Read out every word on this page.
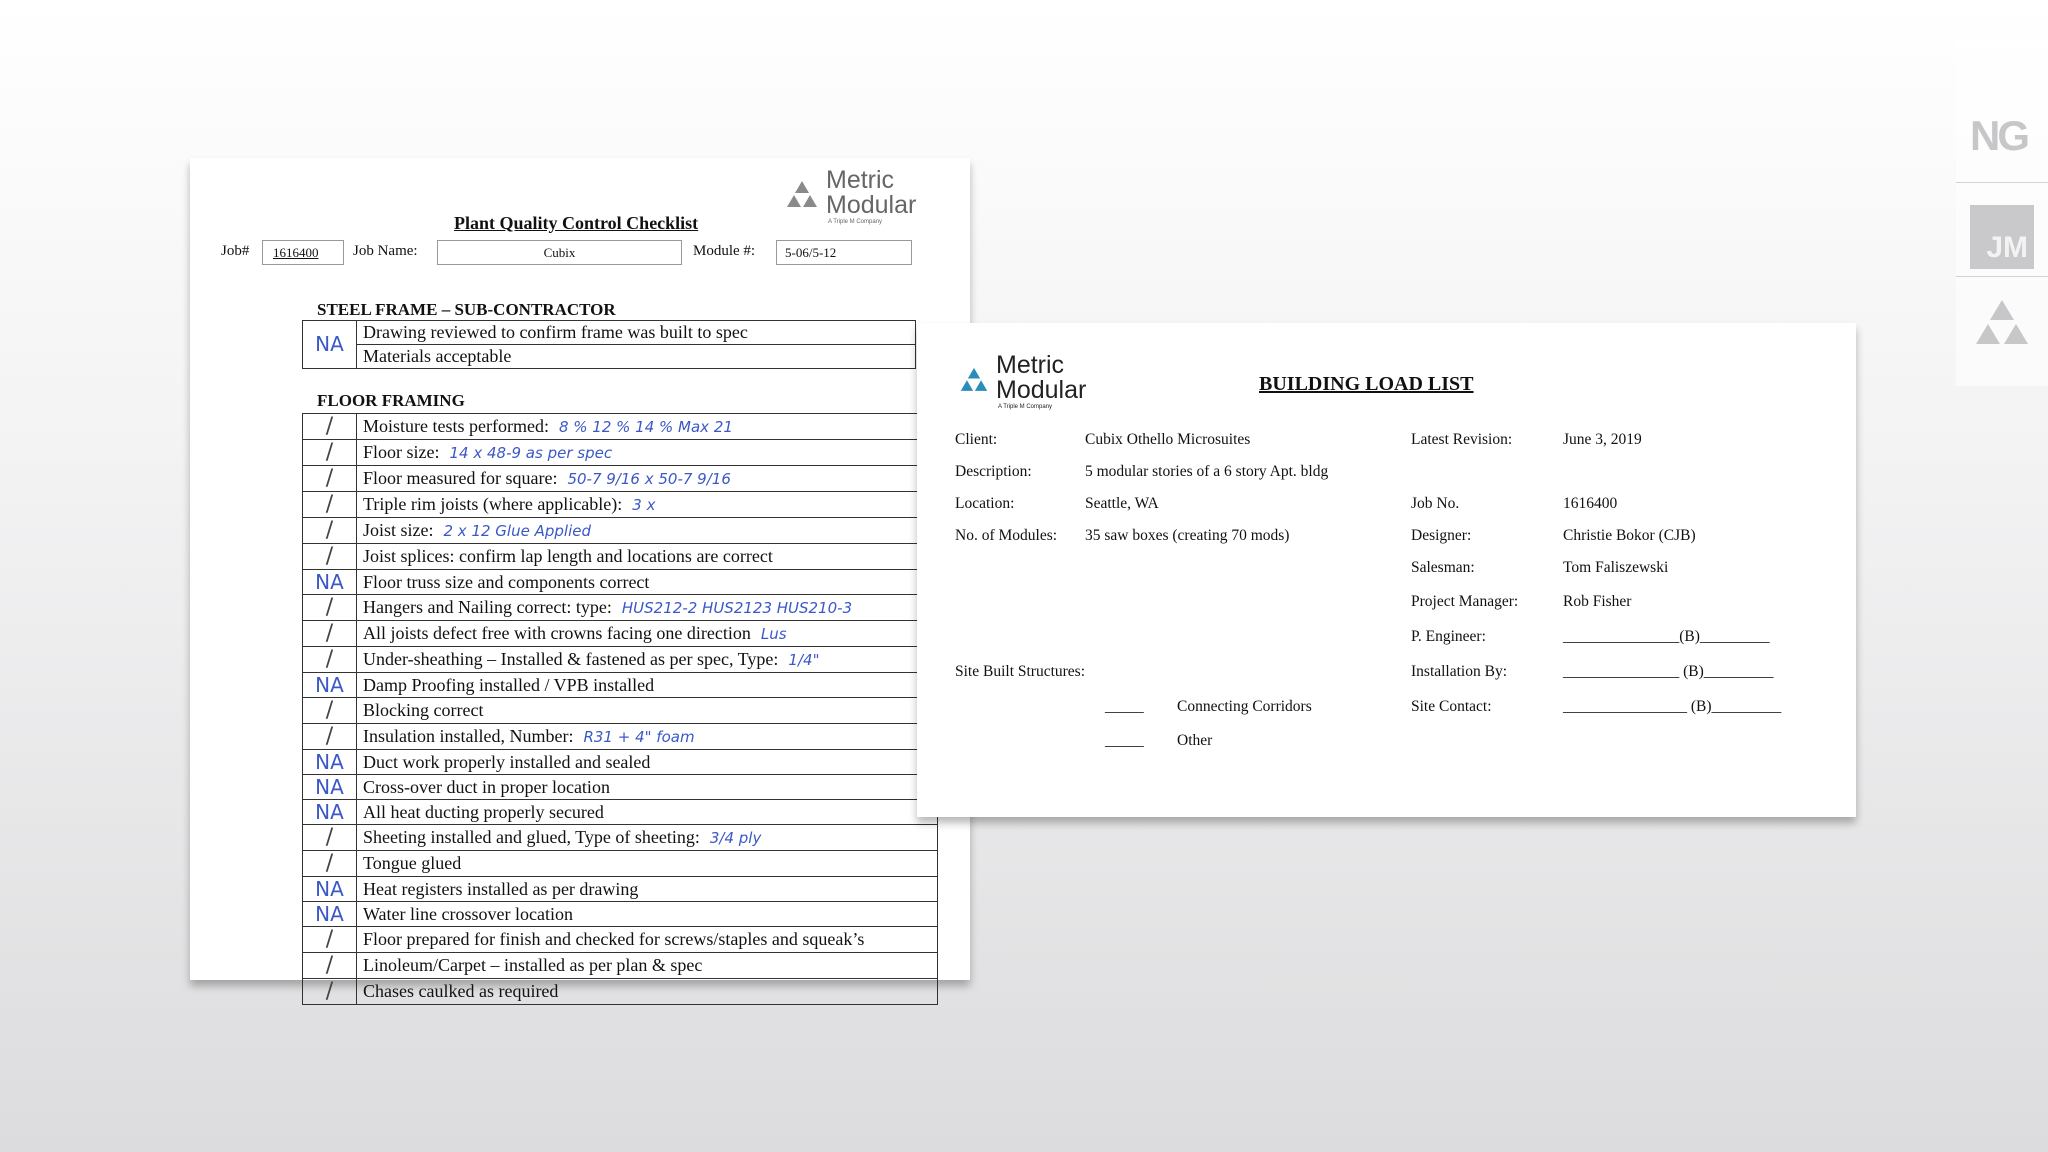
NG
JM
Metric
Modular
A Triple M Company
Plant Quality Control Checklist
Job#	1616400	Job Name:	Cubix	Module #:	5-06/5-12
STEEL FRAME – SUB-CONTRACTOR
NA	Drawing reviewed to confirm frame was built to spec
Materials acceptable
FLOOR FRAMING
/	Moisture tests performed: 8 % 12 % 14 % Max 21
/	Floor size: 14 x 48-9 as per spec
/	Floor measured for square: 50-7 9/16 x 50-7 9/16
/	Triple rim joists (where applicable): 3 x
/	Joist size: 2 x 12 Glue Applied
/	Joist splices: confirm lap length and locations are correct
NA	Floor truss size and components correct
/	Hangers and Nailing correct: type: HUS212-2 HUS2123 HUS210-3
/	All joists defect free with crowns facing one direction Lus
/	Under-sheathing – Installed & fastened as per spec, Type: 1/4"
NA	Damp Proofing installed / VPB installed
/	Blocking correct
/	Insulation installed, Number: R31 + 4" foam
NA	Duct work properly installed and sealed
NA	Cross-over duct in proper location
NA	All heat ducting properly secured
/	Sheeting installed and glued, Type of sheeting: 3/4 ply
/	Tongue glued
NA	Heat registers installed as per drawing
NA	Water line crossover location
/	Floor prepared for finish and checked for screws/staples and squeak’s
/	Linoleum/Carpet – installed as per plan & spec
/	Chases caulked as required
Metric
Modular
A Triple M Company
BUILDING LOAD LIST
Client:	Cubix Othello Microsuites
Description:	5 modular stories of a 6 story Apt. bldg
Location:	Seattle, WA
No. of Modules: 35 saw boxes (creating 70 mods)
Latest Revision:	June 3, 2019
Job No.	1616400
Designer:	Christie Bokor (CJB)
Salesman:	Tom Faliszewski
Project Manager:	Rob Fisher
P. Engineer:	_______________(B)_________
Installation By:	_______________ (B)_________
Site Contact:	________________ (B)_________
Site Built Structures:
_____ Connecting Corridors
_____ Other
